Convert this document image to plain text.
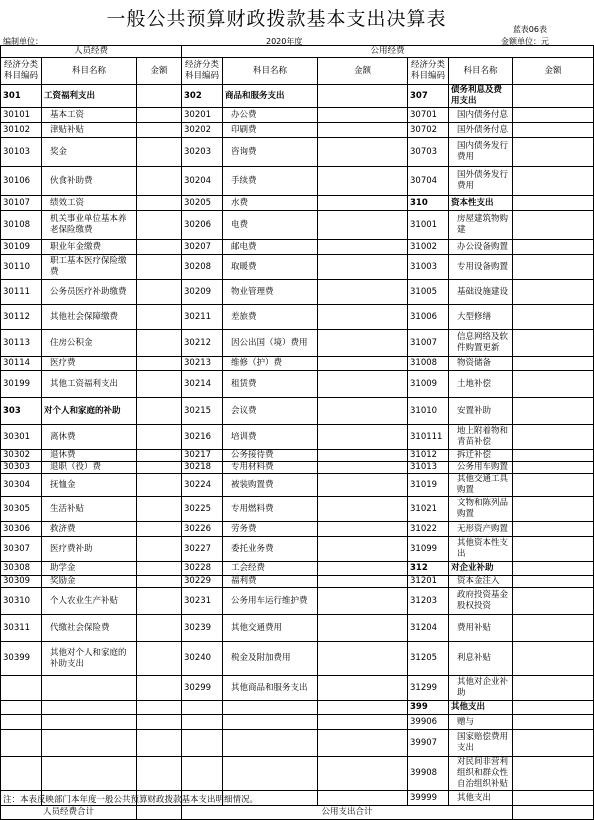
一般公共预算财政拨款基本支出决算表	蓝表06表
编制单位：	2020年度	金额单位：元
人员经费			公用经费					
经济分类科目编码	科目名称	金额	经济分类科目编码	科目名称	金额	经济分类科目编码	科目名称	金额
301	工资福利支出		302	商品和服务支出		307	债务利息及费用支出	
30101	基本工资		30201	办公费		30701	国内债务付息	
30102	津贴补贴		30202	印刷费		30702	国外债务付息	
30103	奖金		30203	咨询费		30703	国内债务发行费用	
30106	伙食补助费		30204	手续费		30704	国外债务发行费用	
30107	绩效工资		30205	水费		310	资本性支出	
30108	机关事业单位基本养老保险缴费		30206	电费		31001	房屋建筑物购建	
30109	职业年金缴费		30207	邮电费		31002	办公设备购置	
30110	职工基本医疗保险缴费		30208	取暖费		31003	专用设备购置	
30111	公务员医疗补助缴费		30209	物业管理费		31005	基础设施建设	
30112	其他社会保障缴费		30211	差旅费		31006	大型修缮	
30113	住房公积金		30212	因公出国（境）费用		31007	信息网络及软件购置更新	
30114	医疗费		30213	维修（护）费		31008	物资储备	
30199	其他工资福利支出		30214	租赁费		31009	土地补偿	
303	对个人和家庭的补助		30215	会议费		31010	安置补助	
30301	离休费		30216	培训费		310111	地上附着物和青苗补偿	
30302	退休费		30217	公务接待费		31012	拆迁补偿	
30303	退职（役）费		30218	专用材料费		31013	公务用车购置	
30304	抚恤金		30224	被装购置费		31019	其他交通工具购置	
30305	生活补贴		30225	专用燃料费		31021	文物和陈列品购置	
30306	救济费		30226	劳务费		31022	无形资产购置	
30307	医疗费补助		30227	委托业务费		31099	其他资本性支出	
30308	助学金		30228	工会经费		312	对企业补助	
30309	奖励金		30229	福利费		31201	资本金注入	
30310	个人农业生产补贴		30231	公务用车运行维护费		31203	政府投资基金股权投资	
30311	代缴社会保险费		30239	其他交通费用		31204	费用补贴	
30399	其他对个人和家庭的补助支出		30240	税金及附加费用		31205	利息补贴	
			30299	其他商品和服务支出		31299	其他对企业补助	
						399	其他支出	
						39906	赠与	
						39907	国家赔偿费用支出	
						39908	对民间非营利组织和群众性自治组织补贴	
						39999	其他支出	
人员经费合计			公用支出合计					
注：本表反映部门本年度一般公共预算财政拨款基本支出明细情况。
